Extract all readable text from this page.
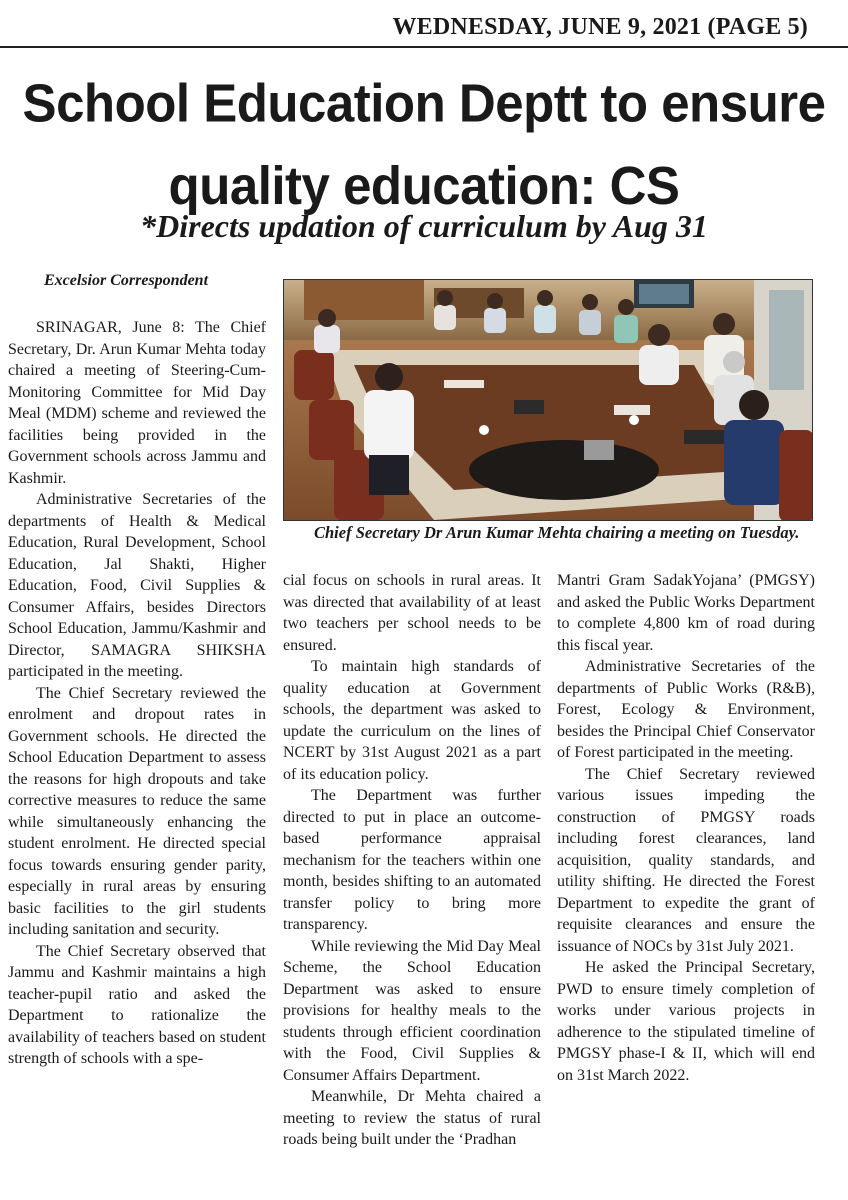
WEDNESDAY, JUNE 9, 2021 (PAGE 5)
School Education Deptt to ensure
quality education: CS
*Directs updation of curriculum by Aug 31
Excelsior Correspondent
Chief Secretary Dr Arun Kumar Mehta chairing a meeting on Tuesday.

SRINAGAR, June 8: The Chief Secretary, Dr. Arun Kumar Mehta today chaired a meeting of Steering-Cum-Monitoring Committee for Mid Day Meal (MDM) scheme and reviewed the facilities being provided in the Government schools across Jammu and Kashmir.

Administrative Secretaries of the departments of Health & Medical Education, Rural Development, School Education, Jal Shakti, Higher Education, Food, Civil Supplies & Consumer Affairs, besides Directors School Education, Jammu/Kashmir and Director, SAMAGRA SHIKSHA participated in the meeting.

The Chief Secretary reviewed the enrolment and dropout rates in Government schools. He directed the School Education Department to assess the reasons for high dropouts and take corrective measures to reduce the same while simultaneously enhancing the student enrolment. He directed special focus towards ensuring gender parity, especially in rural areas by ensuring basic facilities to the girl students including sanitation and security.

The Chief Secretary observed that Jammu and Kashmir maintains a high teacher-pupil ratio and asked the Department to rationalize the availability of teachers based on student strength of schools with a spe-

cial focus on schools in rural areas. It was directed that availability of at least two teachers per school needs to be ensured.

To maintain high standards of quality education at Government schools, the department was asked to update the curriculum on the lines of NCERT by 31st August 2021 as a part of its education policy.

The Department was further directed to put in place an outcome-based performance appraisal mechanism for the teachers within one month, besides shifting to an automated transfer policy to bring more transparency.

While reviewing the Mid Day Meal Scheme, the School Education Department was asked to ensure provisions for healthy meals to the students through efficient coordination with the Food, Civil Supplies & Consumer Affairs Department.

Meanwhile, Dr Mehta chaired a meeting to review the status of rural roads being built under the ‘Pradhan

Mantri Gram SadakYojana’ (PMGSY) and asked the Public Works Department to complete 4,800 km of road during this fiscal year.

Administrative Secretaries of the departments of Public Works (R&B), Forest, Ecology & Environment, besides the Principal Chief Conservator of Forest participated in the meeting.

The Chief Secretary reviewed various issues impeding the construction of PMGSY roads including forest clearances, land acquisition, quality standards, and utility shifting. He directed the Forest Department to expedite the grant of requisite clearances and ensure the issuance of NOCs by 31st July 2021.

He asked the Principal Secretary, PWD to ensure timely completion of works under various projects in adherence to the stipulated timeline of PMGSY phase-I & II, which will end on 31st March 2022.
